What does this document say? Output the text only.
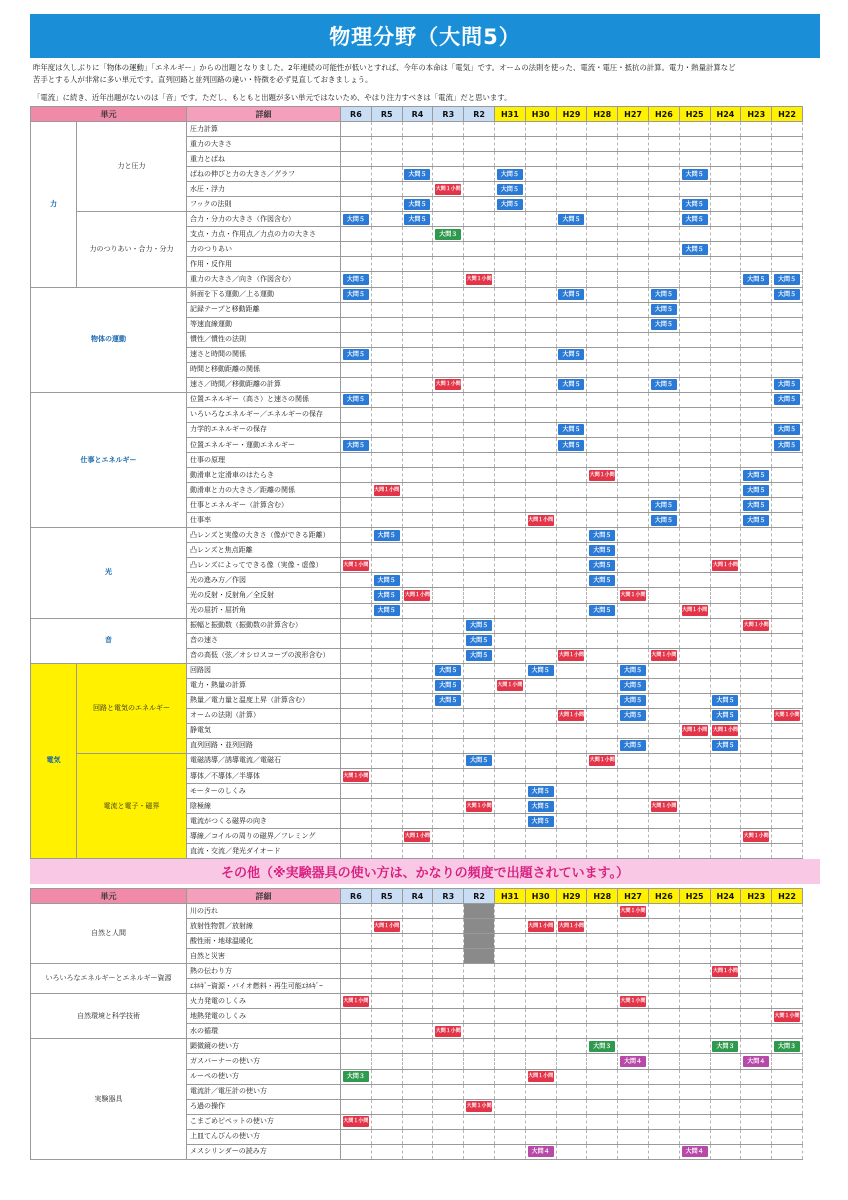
物理分野（大問5）
昨年度は久しぶりに「物体の運動」「エネルギー」からの出題となりました。2年連続の可能性が低いとすれば、今年の本命は「電気」です。オームの法則を使った、電流・電圧・抵抗の計算。電力・熱量計算など
苦手とする人が非常に多い単元です。直列回路と並列回路の違い・特徴を必ず見直しておきましょう。
「電流」に続き、近年出題がないのは「音」です。ただし、もともと出題が多い単元ではないため、やはり注力すべきは「電流」だと思います。
単元		詳細	R6	R5	R4	R3	R2	H31	H30	H29	H28	H27	H26	H25	H24	H23	H22
力	力と圧力	圧力計算															
		重力の大きさ															
		重力とばね															
		ばねの伸びと力の大きさ／グラフ			大問５			大問５						大問５			
		水圧・浮力				大問１小問		大問５									
		フックの法則			大問５			大問５						大問５			
	力のつりあい・合力・分力	合力・分力の大きさ（作図含む）	大問５		大問５					大問５				大問５			
		支点・力点・作用点／力点の力の大きさ				大問３											
		力のつりあい												大問５			
		作用・反作用															
		重力の大きさ／向き（作図含む）	大問５				大問１小問									大問５	大問５
物体の運動		斜面を下る運動／上る運動	大問５							大問５			大問５				大問５
		記録テープと移動距離											大問５				
		等速直線運動											大問５				
		慣性／慣性の法則															
		速さと時間の関係	大問５							大問５							
		時間と移動距離の関係															
		速さ／時間／移動距離の計算				大問１小問				大問５			大問５				大問５
仕事とエネルギー		位置エネルギー（高さ）と速さの関係	大問５														大問５
		いろいろなエネルギー／エネルギーの保存															
		力学的エネルギーの保存								大問５							大問５
		位置エネルギー・運動エネルギー	大問５							大問５							大問５
		仕事の原理															
		動滑車と定滑車のはたらき									大問１小問					大問５	
		動滑車と力の大きさ／距離の関係		大問１小問												大問５	
		仕事とエネルギー（計算含む）											大問５			大問５	
		仕事率							大問１小問				大問５			大問５	
光		凸レンズと実像の大きさ（像ができる距離）		大問５							大問５						
		凸レンズと焦点距離									大問５						
		凸レンズによってできる像（実像・虚像）	大問１小問								大問５				大問１小問		
		光の進み方／作図		大問５							大問５						
		光の反射・反射角／全反射		大問５	大問１小問							大問１小問					
		光の屈折・屈折角		大問５							大問５			大問１小問			
音		振幅と振動数（振動数の計算含む）					大問５									大問１小問	
		音の速さ					大問５										
		音の高低（弦／オシロスコープの波形含む）					大問５			大問１小問			大問１小問				
電気	回路と電気のエネルギー	回路図				大問５			大問５			大問５					
		電力・熱量の計算				大問５		大問１小問				大問５					
		熱量／電力量と温度上昇（計算含む）				大問５						大問５			大問５		
		オームの法則（計算）								大問１小問		大問５			大問５		大問１小問
		静電気												大問１小問	大問１小問		
		直列回路・並列回路										大問５			大問５		
	電流と電子・磁界	電磁誘導／誘導電流／電磁石					大問５				大問１小問						
		導体／不導体／半導体	大問１小問														
		モーターのしくみ							大問５								
		陰極線					大問１小問		大問５				大問１小問				
		電流がつくる磁界の向き							大問５								
		導線／コイルの周りの磁界／フレミング			大問１小問											大問１小問	
		直流・交流／発光ダイオード															
その他（※実験器具の使い方は、かなりの頻度で出題されています。）
単元	詳細	R6	R5	R4	R3	R2	H31	H30	H29	H28	H27	H26	H25	H24	H23	H22
自然と人間	川の汚れ										大問１小問					
	放射性物質／放射線		大問１小問					大問１小問	大問１小問							
	酸性雨・地球温暖化															
	自然と災害															
いろいろなエネルギーとエネルギー資源	熱の伝わり方													大問１小問		
	ｴﾈﾙｷﾞｰ資源・バイオ燃料・再生可能ｴﾈﾙｷﾞｰ															
自然環境と科学技術	火力発電のしくみ	大問１小問									大問１小問					
	地熱発電のしくみ															大問１小問
	水の循環				大問１小問											
実験器具	顕微鏡の使い方									大問３				大問３		大問３
	ガスバーナーの使い方										大問４				大問４	
	ルーペの使い方	大問３						大問１小問								
	電流計／電圧計の使い方															
	ろ過の操作					大問１小問										
	こまごめピペットの使い方	大問１小問														
	上皿てんびんの使い方															
	メスシリンダーの読み方							大問４					大問４			
